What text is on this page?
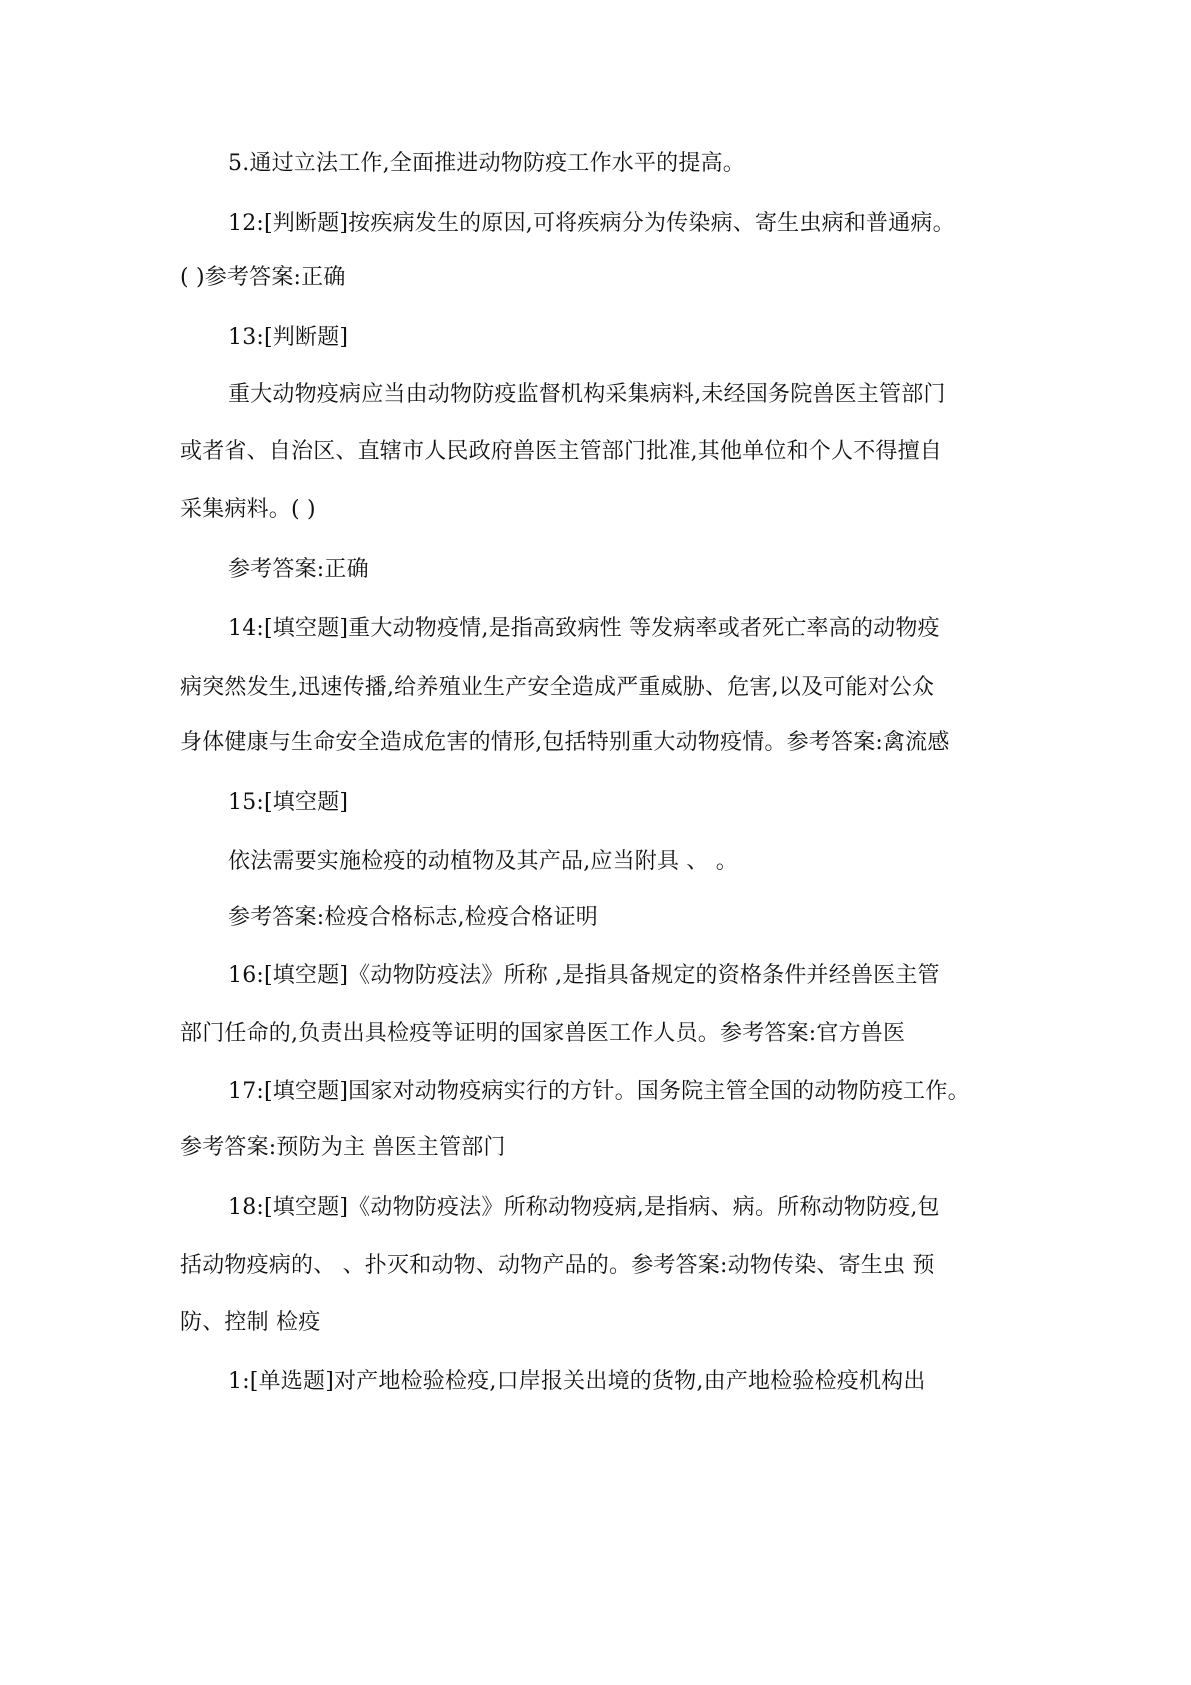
5.通过立法工作,全面推进动物防疫工作水平的提高。
12:[判断题]按疾病发生的原因,可将疾病分为传染病、寄生虫病和普通病。
( )参考答案:正确
13:[判断题]
重大动物疫病应当由动物防疫监督机构采集病料,未经国务院兽医主管部门
或者省、自治区、直辖市人民政府兽医主管部门批准,其他单位和个人不得擅自
采集病料。( )
参考答案:正确
14:[填空题]重大动物疫情,是指高致病性 等发病率或者死亡率高的动物疫
病突然发生,迅速传播,给养殖业生产安全造成严重威胁、危害,以及可能对公众
身体健康与生命安全造成危害的情形,包括特别重大动物疫情。参考答案:禽流感
15:[填空题]
依法需要实施检疫的动植物及其产品,应当附具 、 。
参考答案:检疫合格标志,检疫合格证明
16:[填空题]《动物防疫法》所称 ,是指具备规定的资格条件并经兽医主管
部门任命的,负责出具检疫等证明的国家兽医工作人员。参考答案:官方兽医
17:[填空题]国家对动物疫病实行的方针。国务院主管全国的动物防疫工作。
参考答案:预防为主 兽医主管部门
18:[填空题]《动物防疫法》所称动物疫病,是指病、病。所称动物防疫,包
括动物疫病的、 、扑灭和动物、动物产品的。参考答案:动物传染、寄生虫 预
防、控制 检疫
1:[单选题]对产地检验检疫,口岸报关出境的货物,由产地检验检疫机构出
